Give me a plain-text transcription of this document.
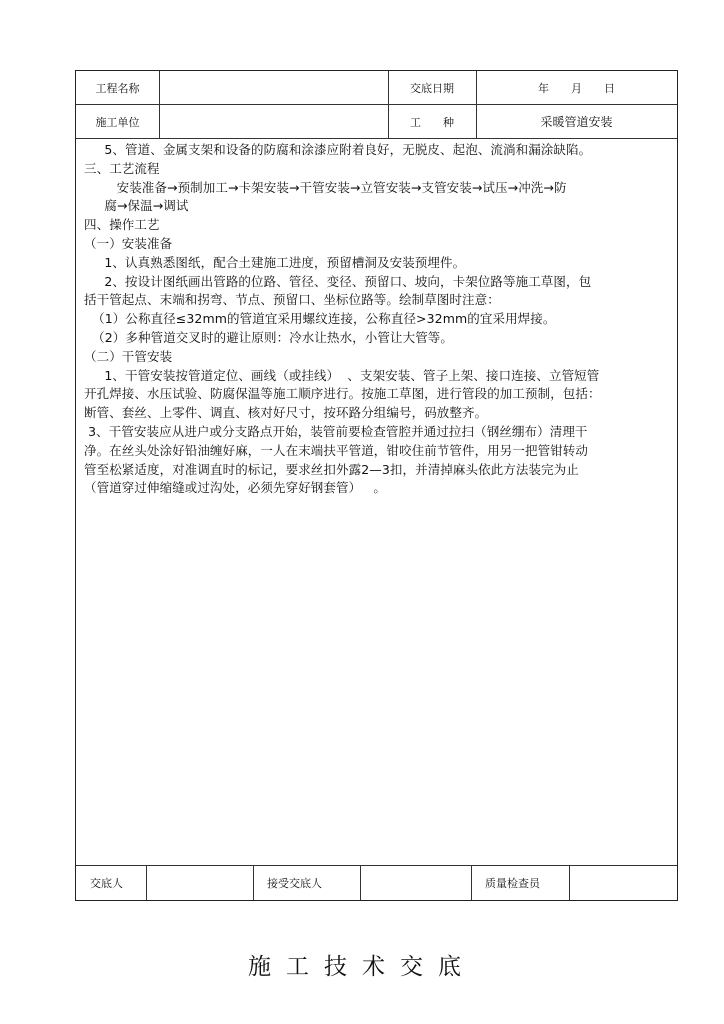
工程名称	交底日期	年　　月　　日
施工单位	工　　种	采暖管道安装

5、管道、金属支架和设备的防腐和涂漆应附着良好，无脱皮、起泡、流淌和漏涂缺陷。

三、工艺流程

安装准备→预制加工→卡架安装→干管安装→立管安装→支管安装→试压→冲洗→防

腐→保温→调试

四、操作工艺

（一）安装准备

1、认真熟悉图纸，配合土建施工进度，预留槽洞及安装预埋件。

2、按设计图纸画出管路的位路、管径、变径、预留口、坡向，卡架位路等施工草图，包

括干管起点、末端和拐弯、节点、预留口、坐标位路等。绘制草图时注意：

（1）公称直径≤32mm的管道宜采用螺纹连接，公称直径>32mm的宜采用焊接。

（2）多种管道交叉时的避让原则：冷水让热水，小管让大管等。

（二）干管安装

1、干管安装按管道定位、画线（或挂线）  、支架安装、管子上架、接口连接、立管短管

开孔焊接、水压试验、防腐保温等施工顺序进行。按施工草图，进行管段的加工预制，包括：

断管、套丝、上零件、调直、核对好尺寸，按环路分组编号，码放整齐。

3、干管安装应从进户或分支路点开始，装管前要检查管腔并通过拉扫（钢丝绷布）清理干

净。在丝头处涂好铅油缠好麻，一人在末端扶平管道，钳咬住前节管件，用另一把管钳转动

管至松紧适度，对准调直时的标记，要求丝扣外露2—3扣，并清掉麻头依此方法装完为止

（管道穿过伸缩缝或过沟处，必须先穿好钢套管）   。

交底人	接受交底人	质量检查员
施工技术交底
